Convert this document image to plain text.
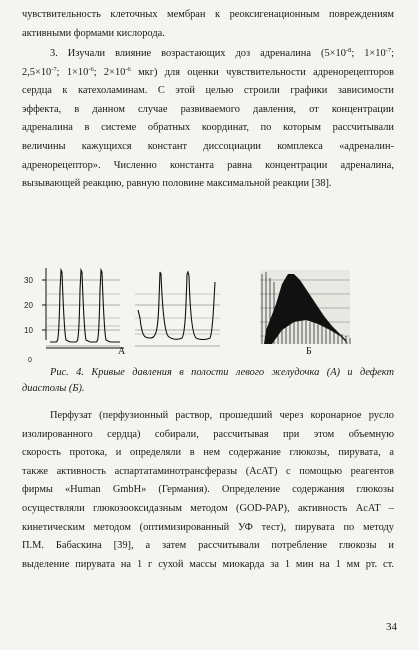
чувствительность клеточных мембран к реоксигенационным повреждениям
активными формами кислорода.

3. Изучали влияние возрастающих доз адреналина ($5\times 10^{-8}$; $1\times 10^{-7}$;
$2,5\times 10^{-7}$; $1\times 10^{-6}$; $2\times 10^{-6}$ мкг) для оценки чувствительности адренорецепторов
сердца к катехоламинам. С этой целью строили графики зависимости
эффекта, в данном случае развиваемого давления, от концентрации
адреналина в системе обратных координат, по которым рассчитывали
величины кажущихся констант диссоциации комплекса «адреналин-
адренорецептор». Численно константа равна концентрации адреналина,
вызывающей реакцию, равную половине максимальной реакции [38].

30
20
10
0
А	Б

Рис. 4. Кривые давления в полости левого желудочка (А) и дефект
диастолы (Б).

Перфузат (перфузионный раствор, прошедший через коронарное русло
изолированного сердца) собирали, рассчитывая при этом объемную
скорость протока, и определяли в нем содержание глюкозы, пирувата, а
также активность аспартатаминотрансферазы (AcAT) с помощью реагентов
фирмы «Human GmbH» (Германия). Определение содержания глюкозы
осуществляли глюкозооксидазным методом (GOD-PAP), активность AcAT –
кинетическим методом (оптимизированный УФ тест), пирувата по методу
П.М. Бабаскина [39], а затем рассчитывали потребление глюкозы и
выделение пирувата на 1 г сухой массы миокарда за 1 мин на 1 мм рт. ст.

34
